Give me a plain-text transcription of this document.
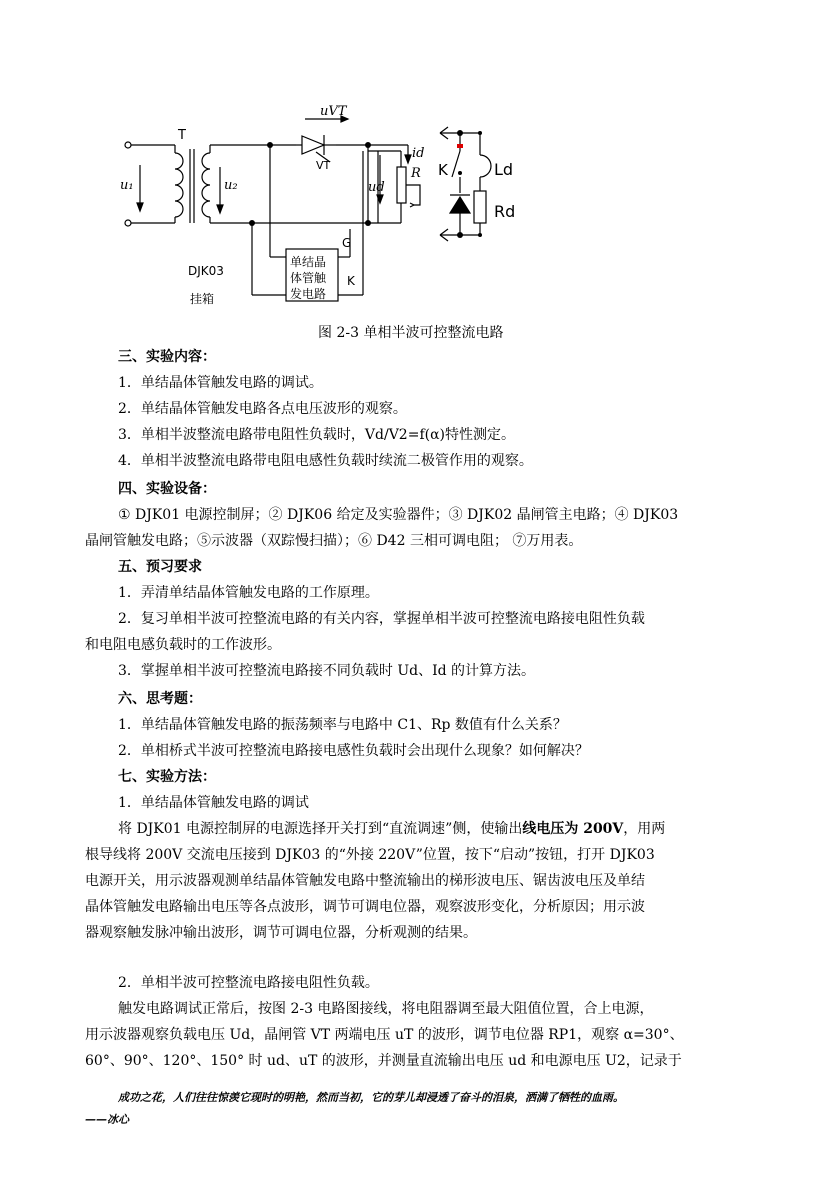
uVT
u₁	u₂	ud
id
R
T
VT
G
K
DJK03
挂箱
单结晶
体管触
发电路
K	Ld
Rd
图 2-3 单相半波可控整流电路
三、实验内容：
1．单结晶体管触发电路的调试。
2．单结晶体管触发电路各点电压波形的观察。
3．单相半波整流电路带电阻性负载时，Vd/V2=f(α)特性测定。
4．单相半波整流电路带电阻电感性负载时续流二极管作用的观察。
四、实验设备：
① DJK01 电源控制屏；② DJK06 给定及实验器件；③ DJK02 晶闸管主电路；④ DJK03
晶闸管触发电路；⑤示波器（双踪慢扫描）；⑥ D42 三相可调电阻； ⑦万用表。
五、预习要求
1．弄清单结晶体管触发电路的工作原理。
2．复习单相半波可控整流电路的有关内容，掌握单相半波可控整流电路接电阻性负载
和电阻电感负载时的工作波形。
3．掌握单相半波可控整流电路接不同负载时 Ud、Id 的计算方法。
六、思考题：
1．单结晶体管触发电路的振荡频率与电路中 C1、Rp 数值有什么关系？
2．单相桥式半波可控整流电路接电感性负载时会出现什么现象？如何解决？
七、实验方法：
1．单结晶体管触发电路的调试
将 DJK01 电源控制屏的电源选择开关打到“直流调速”侧，使输出线电压为 200V，用两
根导线将 200V 交流电压接到 DJK03 的“外接 220V”位置，按下“启动”按钮，打开 DJK03
电源开关，用示波器观测单结晶体管触发电路中整流输出的梯形波电压、锯齿波电压及单结
晶体管触发电路输出电压等各点波形，调节可调电位器，观察波形变化，分析原因；用示波
器观察触发脉冲输出波形，调节可调电位器，分析观测的结果。
2．单相半波可控整流电路接电阻性负载。
触发电路调试正常后，按图 2-3 电路图接线，将电阻器调至最大阻值位置，合上电源，
用示波器观察负载电压 Ud，晶闸管 VT 两端电压 uT 的波形，调节电位器 RP1，观察 α=30°、
60°、90°、120°、150° 时 ud、uT 的波形，并测量直流输出电压 ud 和电源电压 U2，记录于
成功之花，人们往往惊羡它现时的明艳，然而当初，它的芽儿却浸透了奋斗的泪泉，洒满了牺牲的血雨。
——冰心
